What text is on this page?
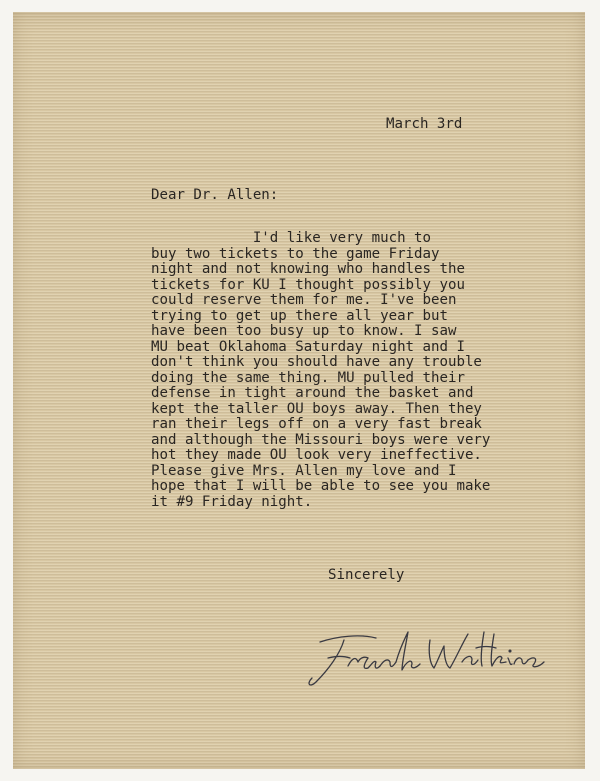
March 3rd
Dear Dr. Allen:
I'd like very much to
buy two tickets to the game Friday
night and not knowing who handles the
tickets for KU I thought possibly you
could reserve them for me. I've been
trying to get up there all year but
have been too busy up to know. I saw
MU beat Oklahoma Saturday night and I
don't think you should have any trouble
doing the same thing. MU pulled their
defense in tight around the basket and
kept the taller OU boys away. Then they
ran their legs off on a very fast break
and although the Missouri boys were very
hot they made OU look very ineffective.
Please give Mrs. Allen my love and I
hope that I will be able to see you make
it #9 Friday night.
Sincerely
